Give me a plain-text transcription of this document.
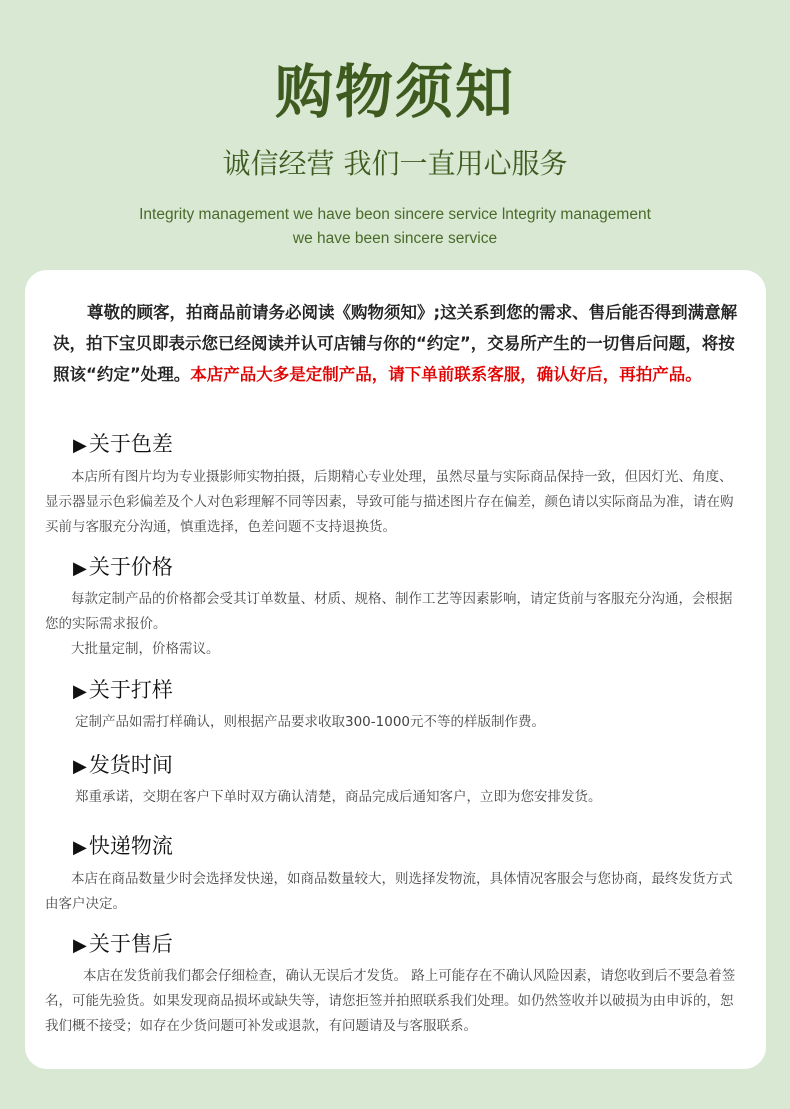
购物须知
诚信经营 我们一直用心服务
Integrity management we have beon sincere service lntegrity management we have been sincere service
尊敬的顾客，拍商品前请务必阅读《购物须知》;这关系到您的需求、售后能否得到满意解决，拍下宝贝即表示您已经阅读并认可店铺与你的“约定”，交易所产生的一切售后问题，将按照该“约定”处理。本店产品大多是定制产品，请下单前联系客服，确认好后，再拍产品。
▶关于色差
本店所有图片均为专业摄影师实物拍摄，后期精心专业处理，虽然尽量与实际商品保持一致，但因灯光、角度、显示器显示色彩偏差及个人对色彩理解不同等因素，导致可能与描述图片存在偏差，颜色请以实际商品为准，请在购买前与客服充分沟通，慎重选择，色差问题不支持退换货。
▶关于价格
每款定制产品的价格都会受其订单数量、材质、规格、制作工艺等因素影响，请定货前与客服充分沟通，会根据您的实际需求报价。
大批量定制，价格需议。
▶关于打样
定制产品如需打样确认，则根据产品要求收取300-1000元不等的样版制作费。
▶发货时间
郑重承诺，交期在客户下单时双方确认清楚，商品完成后通知客户，立即为您安排发货。
▶快递物流
本店在商品数量少时会选择发快递，如商品数量较大，则选择发物流，具体情况客服会与您协商，最终发货方式由客户决定。
▶关于售后
本店在发货前我们都会仔细检查，确认无误后才发货。 路上可能存在不确认风险因素，请您收到后不要急着签名，可能先验货。如果发现商品损坏或缺失等，请您拒签并拍照联系我们处理。如仍然签收并以破损为由申诉的，恕我们概不接受；如存在少货问题可补发或退款，有问题请及与客服联系。
